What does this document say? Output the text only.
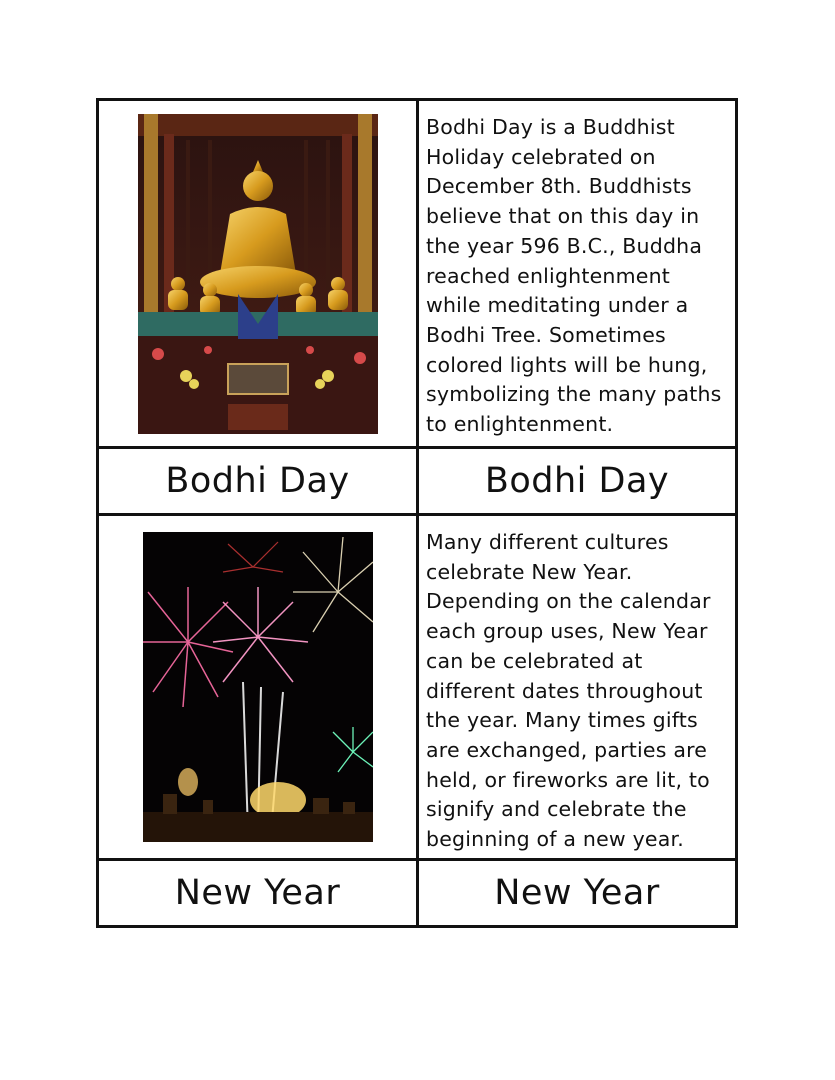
Bodhi Day is a Buddhist Holiday celebrated on December 8th. Buddhists believe that on this day in the year 596 B.C., Buddha reached enlightenment while meditating under a Bodhi Tree. Sometimes colored lights will be hung, symbolizing the many paths to enlightenment.
Bodhi Day	Bodhi Day
Many different cultures celebrate New Year. Depending on the calendar each group uses, New Year can be celebrated at different dates throughout the year. Many times gifts are exchanged, parties are held, or fireworks are lit, to signify and celebrate the beginning of a new year.
New Year	New Year
